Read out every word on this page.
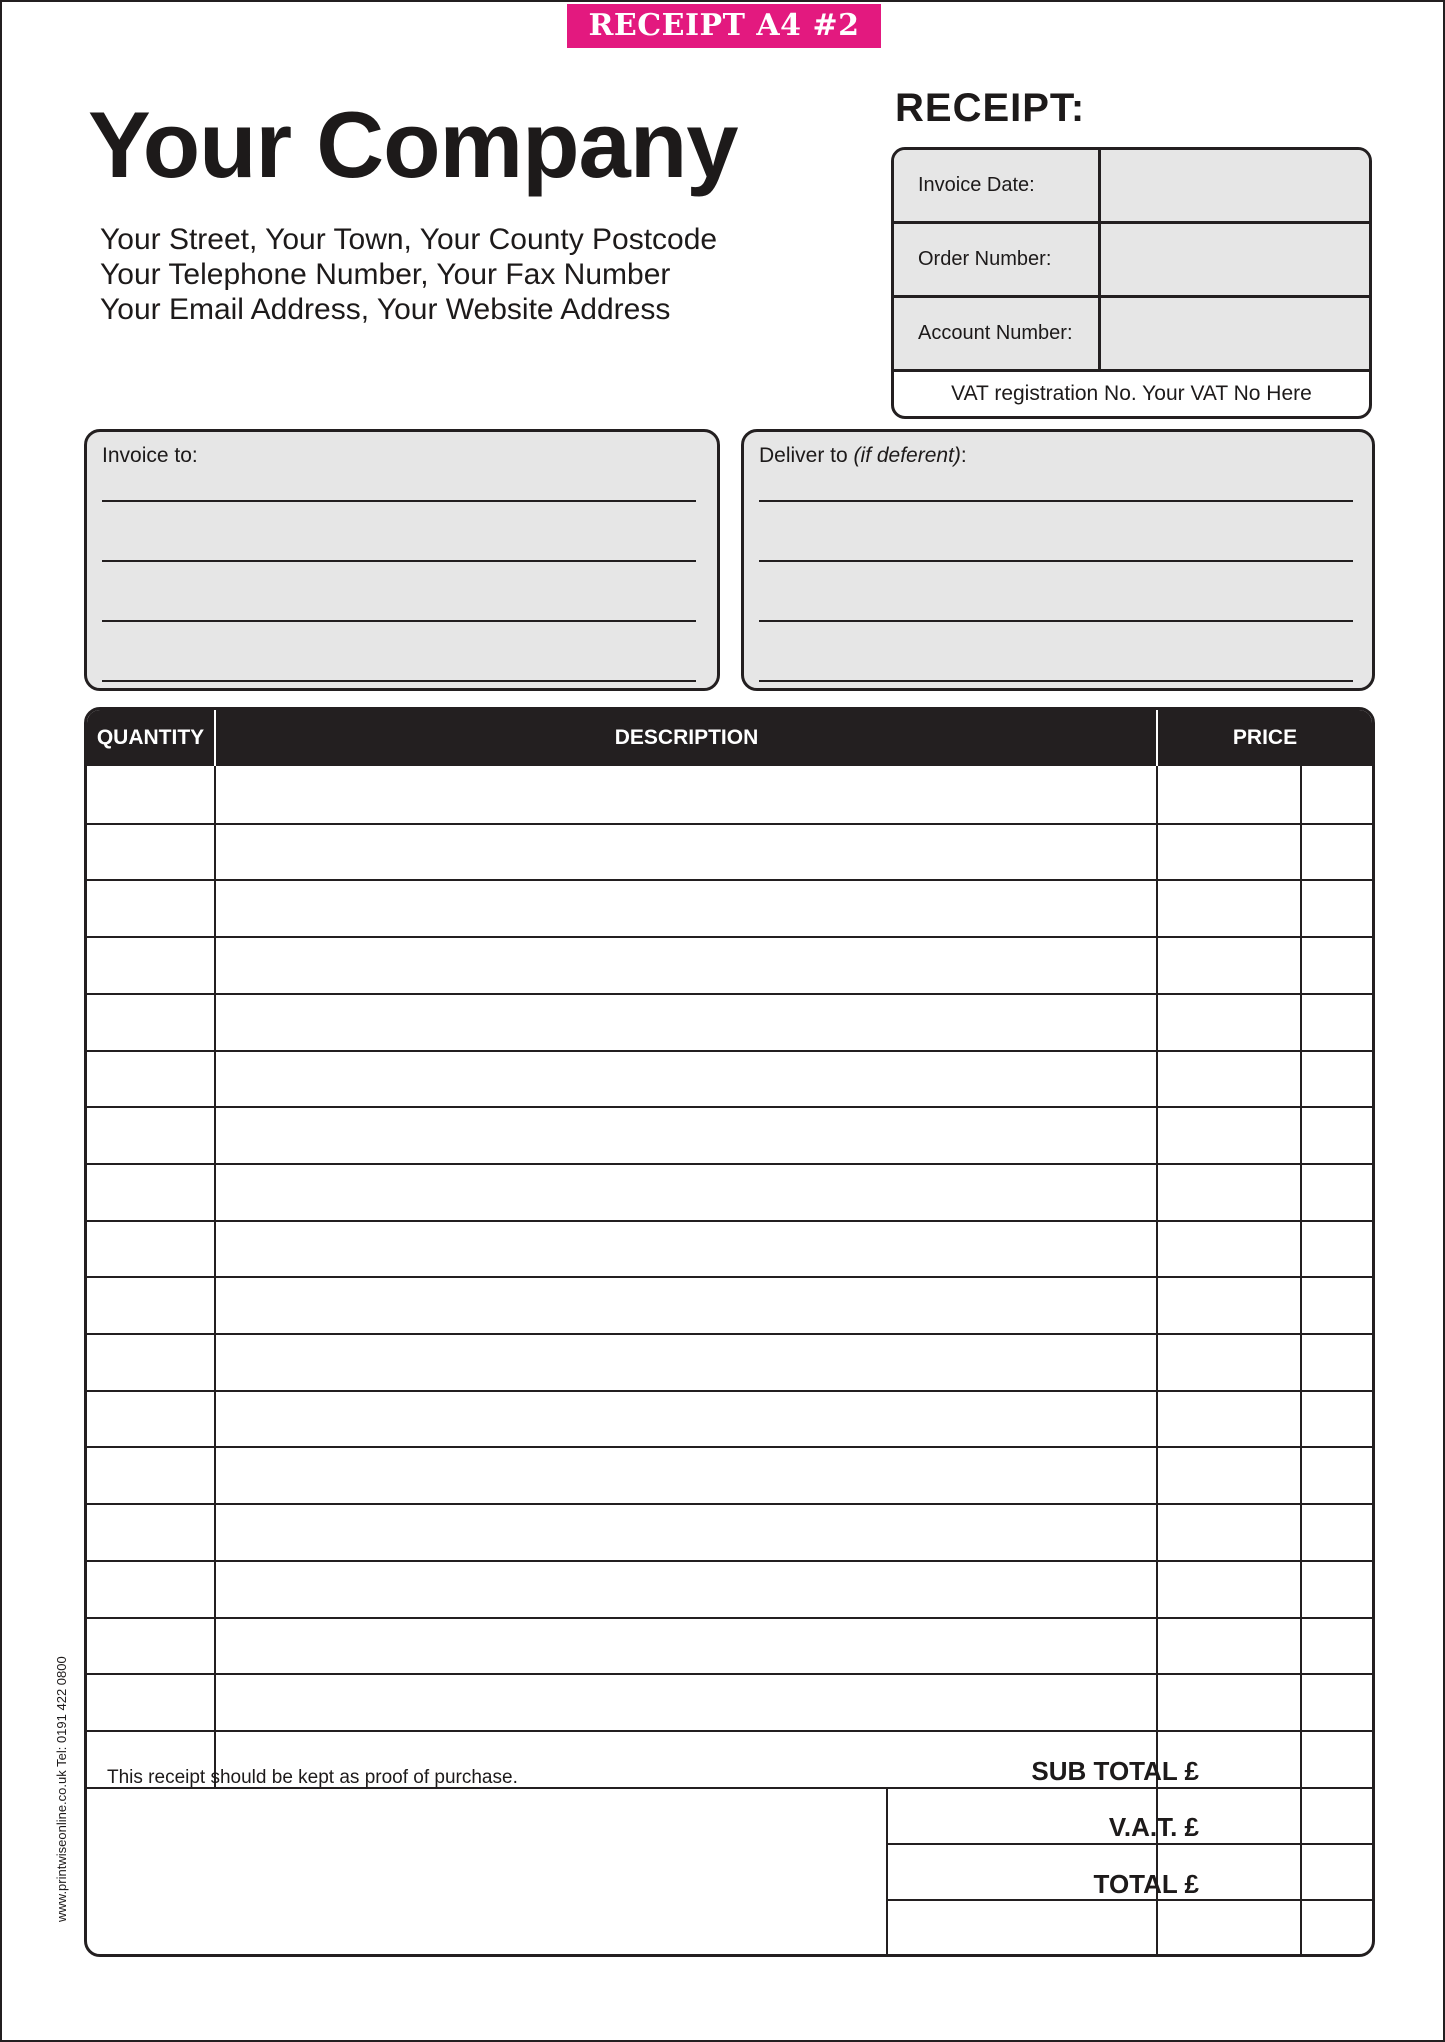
RECEIPT A4 #2
Your Company
Your Street, Your Town, Your County Postcode
Your Telephone Number, Your Fax Number
Your Email Address, Your Website Address
RECEIPT:
Invoice Date:
Order Number:
Account Number:
VAT registration No. Your VAT No Here
Invoice to:	Deliver to (if deferent):
QUANTITY	DESCRIPTION	PRICE
This receipt should be kept as proof of purchase.	SUB TOTAL £
V.A.T. £
TOTAL £
www.printwiseonline.co.uk Tel: 0191 422 0800
